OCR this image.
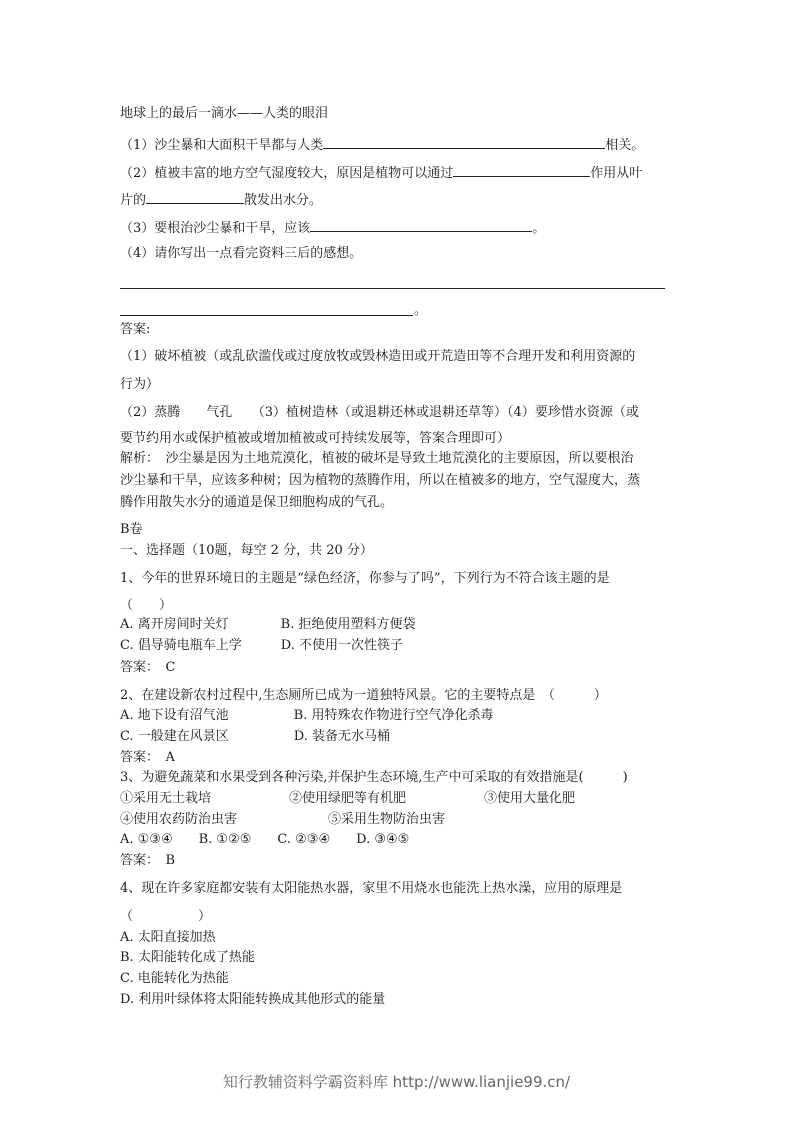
地球上的最后一滴水——人类的眼泪
（1）沙尘暴和大面积干旱都与人类	相关。
（2）植被丰富的地方空气湿度较大，原因是植物可以通过	作用从叶
片的	散发出水分。
（3）要根治沙尘暴和干旱，应该	。
（4）请你写出一点看完资料三后的感想。
。
答案:
（1）破坏植被（或乱砍滥伐或过度放牧或毁林造田或开荒造田等不合理开发和利用资源的
行为）
（2）蒸腾　　气孔　　（3）植树造林（或退耕还林或退耕还草等）（4）要珍惜水资源（或
要节约用水或保护植被或增加植被或可持续发展等，答案合理即可）
解析：　沙尘暴是因为土地荒漠化，植被的破坏是导致土地荒漠化的主要原因，所以要根治
沙尘暴和干旱，应该多种树；因为植物的蒸腾作用，所以在植被多的地方，空气湿度大，蒸
腾作用散失水分的通道是保卫细胞构成的气孔。
B卷
一、选择题（10题，每空 2 分，共 20 分）
1、今年的世界环境日的主题是“绿色经济，你参与了吗”，下列行为不符合该主题的是
（　　）
A. 离开房间时关灯　　　　B. 拒绝使用塑料方便袋
C. 倡导骑电瓶车上学　　　D. 不使用一次性筷子
答案：　C
2、在建设新农村过程中,生态厕所已成为一道独特风景。它的主要特点是　（　　　）
A. 地下设有沼气池　　　　　B. 用特殊农作物进行空气净化杀毒
C. 一般建在风景区　　　　　D. 装备无水马桶
答案：　A
3、为避免蔬菜和水果受到各种污染,并保护生态环境,生产中可采取的有效措施是(　　　)
①采用无土栽培　　　　　　②使用绿肥等有机肥　　　　　　③使用大量化肥
④使用农药防治虫害　　　　　　　⑤采用生物防治虫害
A. ①③④　　B. ①②⑤　　C. ②③④　　D. ③④⑤
答案：　B
4、现在许多家庭都安装有太阳能热水器，家里不用烧水也能洗上热水澡，应用的原理是
（　　　　　）
A. 太阳直接加热
B. 太阳能转化成了热能
C. 电能转化为热能
D. 利用叶绿体将太阳能转换成其他形式的能量
知行教辅资料学霸资料库 http://www.lianjie99.cn/
